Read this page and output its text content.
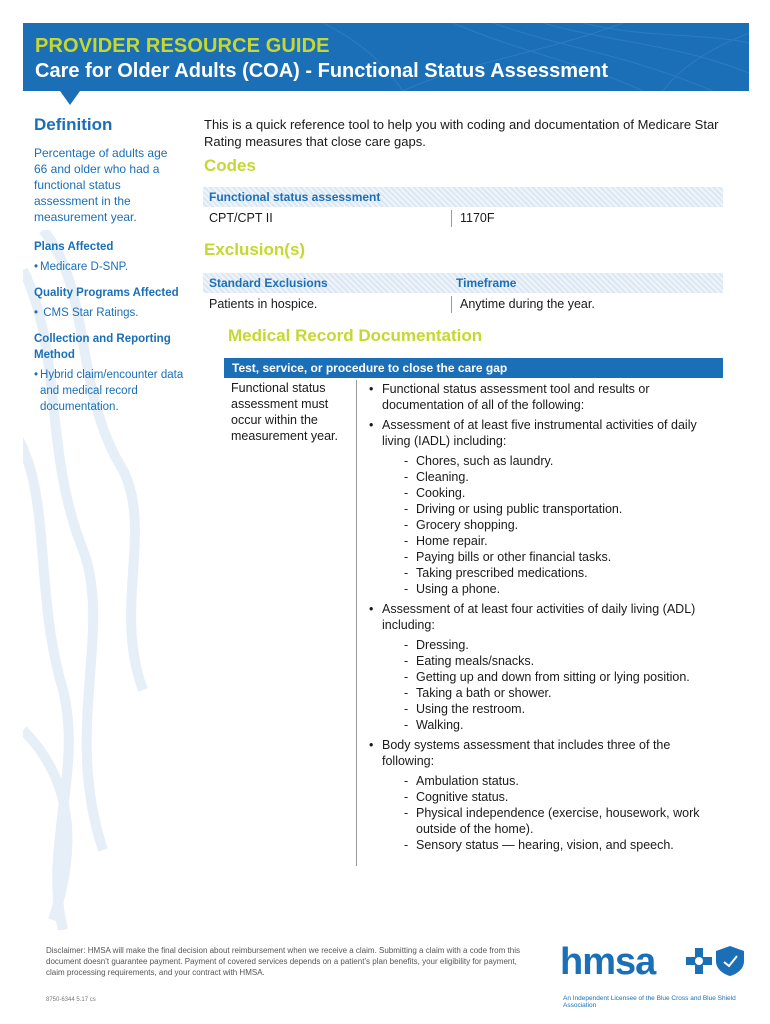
PROVIDER RESOURCE GUIDE
Care for Older Adults (COA) - Functional Status Assessment
Definition
Percentage of adults age 66 and older who had a functional status assessment in the measurement year.
Plans Affected
• Medicare D-SNP.
Quality Programs Affected
• CMS Star Ratings.
Collection and Reporting Method
• Hybrid claim/encounter data and medical record documentation.
This is a quick reference tool to help you with coding and documentation of Medicare Star Rating measures that close care gaps.
Codes
Functional status assessment
CPT/CPT II	1170F
Exclusion(s)
Standard Exclusions	Timeframe
Patients in hospice.	Anytime during the year.
Medical Record Documentation
Test, service, or procedure to close the care gap
Functional status assessment must occur within the measurement year.
• Functional status assessment tool and results or documentation of all of the following:
• Assessment of at least five instrumental activities of daily living (IADL) including:
- Chores, such as laundry.
- Cleaning.
- Cooking.
- Driving or using public transportation.
- Grocery shopping.
- Home repair.
- Paying bills or other financial tasks.
- Taking prescribed medications.
- Using a phone.
• Assessment of at least four activities of daily living (ADL) including:
- Dressing.
- Eating meals/snacks.
- Getting up and down from sitting or lying position.
- Taking a bath or shower.
- Using the restroom.
- Walking.
• Body systems assessment that includes three of the following:
- Ambulation status.
- Cognitive status.
- Physical independence (exercise, housework, work outside of the home).
- Sensory status — hearing, vision, and speech.
Disclaimer: HMSA will make the final decision about reimbursement when we receive a claim. Submitting a claim with a code from this document doesn’t guarantee payment. Payment of covered services depends on a patient’s plan benefits, your eligibility for payment, claim processing requirements, and your contract with HMSA.
8750-6344 5.17 cs
hmsa
An Independent Licensee of the Blue Cross and Blue Shield Association
